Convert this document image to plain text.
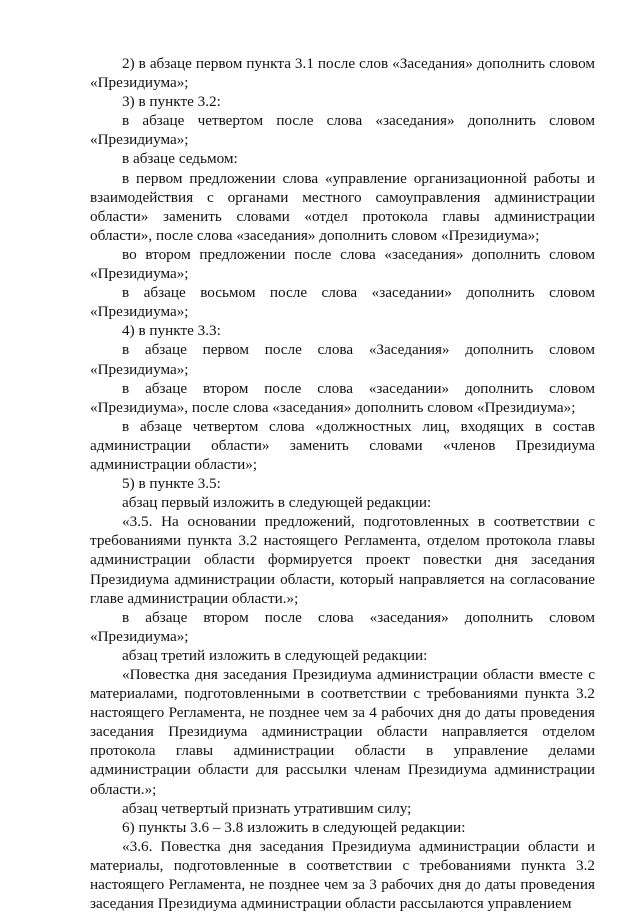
2) в абзаце первом пункта 3.1 после слов «Заседания» дополнить словом «Президиума»;

3) в пункте 3.2:

в абзаце четвертом после слова «заседания» дополнить словом «Президиума»;

в абзаце седьмом:

в первом предложении слова «управление организационной работы и взаимодействия с органами местного самоуправления администрации области» заменить словами «отдел протокола главы администрации области», после слова «заседания» дополнить словом «Президиума»;

во втором предложении после слова «заседания» дополнить словом «Президиума»;

в абзаце восьмом после слова «заседании» дополнить словом «Президиума»;

4) в пункте 3.3:

в абзаце первом после слова «Заседания» дополнить словом «Президиума»;

в абзаце втором после слова «заседании» дополнить словом «Президиума», после слова «заседания» дополнить словом «Президиума»;

в абзаце четвертом слова «должностных лиц, входящих в состав администрации области» заменить словами «членов Президиума администрации области»;

5) в пункте 3.5:

абзац первый изложить в следующей редакции:

«3.5. На основании предложений, подготовленных в соответствии с требованиями пункта 3.2 настоящего Регламента, отделом протокола главы администрации области формируется проект повестки дня заседания Президиума администрации области, который направляется на согласование главе администрации области.»;

в абзаце втором после слова «заседания» дополнить словом «Президиума»;

абзац третий изложить в следующей редакции:

«Повестка дня заседания Президиума администрации области вместе с материалами, подготовленными в соответствии с требованиями пункта 3.2 настоящего Регламента, не позднее чем за 4 рабочих дня до даты проведения заседания Президиума администрации области направляется отделом протокола главы администрации области в управление делами администрации области для рассылки членам Президиума администрации области.»;

абзац четвертый признать утратившим силу;

6) пункты 3.6 – 3.8 изложить в следующей редакции:

«3.6. Повестка дня заседания Президиума администрации области и материалы, подготовленные в соответствии с требованиями пункта 3.2 настоящего Регламента, не позднее чем за 3 рабочих дня до даты проведения заседания Президиума администрации области рассылаются управлением
